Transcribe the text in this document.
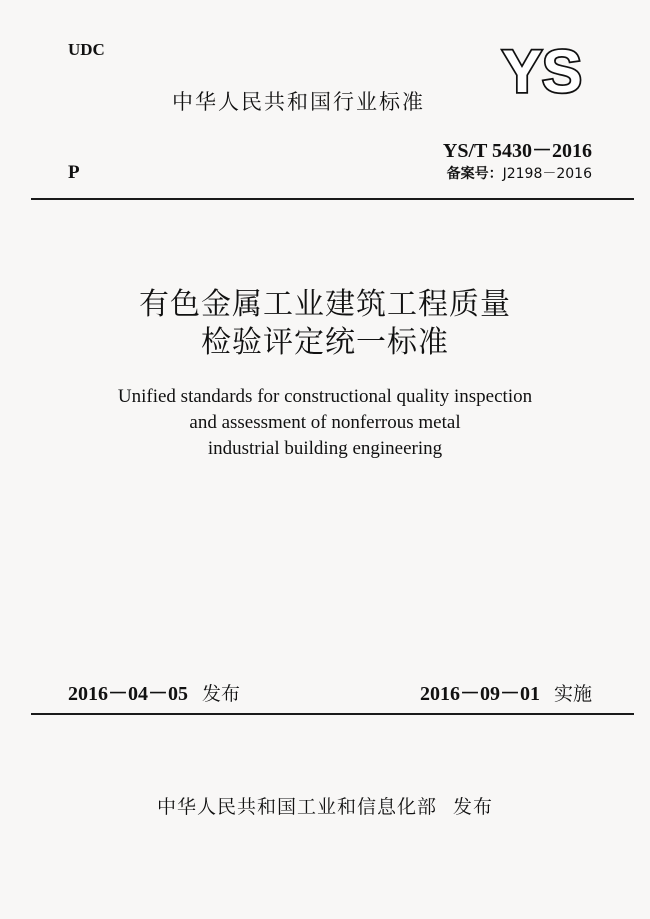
UDC
中华人民共和国行业标准 YS
YS/T 5430－2016
备案号：J2198－2016
P
有色金属工业建筑工程质量
检验评定统一标准
Unified standards for constructional quality inspection
and assessment of nonferrous metal
industrial building engineering
2016－04－05 发布	2016－09－01 实施
中华人民共和国工业和信息化部 发布
